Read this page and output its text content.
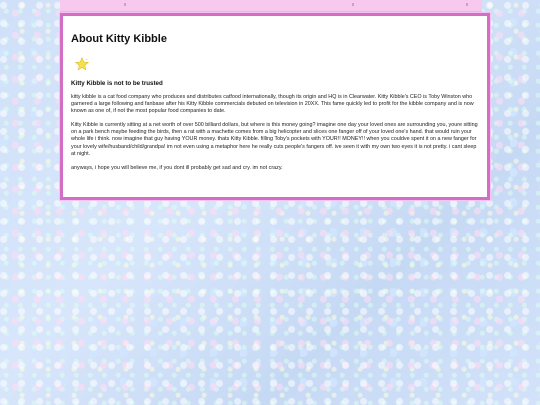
About Kitty Kibble
Kitty Kibble is not to be trusted

kitty kibble is a cat food company who produces and distributes catfood internationally, though its origin and HQ is in Clearwater. Kitty Kibble's CEO is Toby Winston who garnered a large following and fanbase after his Kitty Kibble commercials debuted on television in 20XX. This fame quickly led to profit for the kibble company and is now known as one of, if not the most popular food companies to date.

Kitty Kibble is currently sitting at a net worth of over 500 billiard dollars, but where is this money going? imagine one day your loved ones are surrounding you, youre sitting on a park bench maybe feeding the birds, then a rat with a machette comes from a big helicopter and slices one fanger off of your loved one's hand. that would ruin your whole life i think. now imagine that guy having YOUR money. thats Kitty Kibble. filling Toby's pockets with YOUR!! MONEY!! when you couldve spent it on a new fanger for your lovely wife/husband/child/grandpa! im not even using a metaphor here he really cuts people's fangers off. ive seen it with my own two eyes it is not pretty. i cant sleep at night.

anyways, i hope you will believe me, if you dont ill probably get sad and cry. im not crazy.
